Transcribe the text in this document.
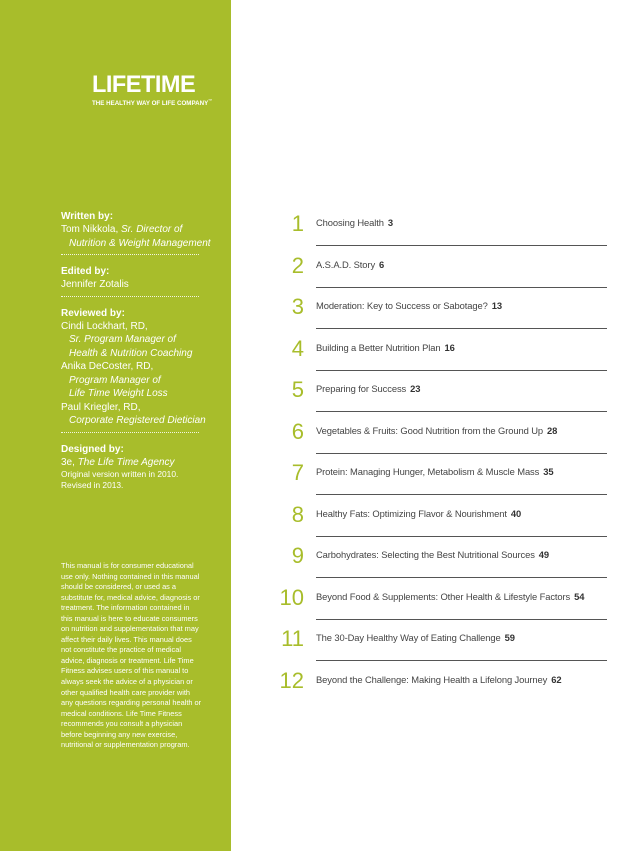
LIFETIME
THE HEALTHY WAY OF LIFE COMPANY™
Written by:
Tom Nikkola, Sr. Director of
Nutrition & Weight Management
Edited by:
Jennifer Zotalis
Reviewed by:
Cindi Lockhart, RD,
Sr. Program Manager of
Health & Nutrition Coaching
Anika DeCoster, RD,
Program Manager of
Life Time Weight Loss
Paul Kriegler, RD,
Corporate Registered Dietician
Designed by:
3e, The Life Time Agency
Original version written in 2010.
Revised in 2013.
This manual is for consumer educational use only. Nothing contained in this manual should be considered, or used as a substitute for, medical advice, diagnosis or treatment. The information contained in this manual is here to educate consumers on nutrition and supplementation that may affect their daily lives. This manual does not constitute the practice of medical advice, diagnosis or treatment. Life Time Fitness advises users of this manual to always seek the advice of a physician or other qualified health care provider with any questions regarding personal health or medical conditions. Life Time Fitness recommends you consult a physician before beginning any new exercise, nutritional or supplementation program.
1 Choosing Health 3
2 A.S.A.D. Story 6
3 Moderation: Key to Success or Sabotage? 13
4 Building a Better Nutrition Plan 16
5 Preparing for Success 23
6 Vegetables & Fruits: Good Nutrition from the Ground Up 28
7 Protein: Managing Hunger, Metabolism & Muscle Mass 35
8 Healthy Fats: Optimizing Flavor & Nourishment 40
9 Carbohydrates: Selecting the Best Nutritional Sources 49
10 Beyond Food & Supplements: Other Health & Lifestyle Factors 54
11 The 30-Day Healthy Way of Eating Challenge 59
12 Beyond the Challenge: Making Health a Lifelong Journey 62
